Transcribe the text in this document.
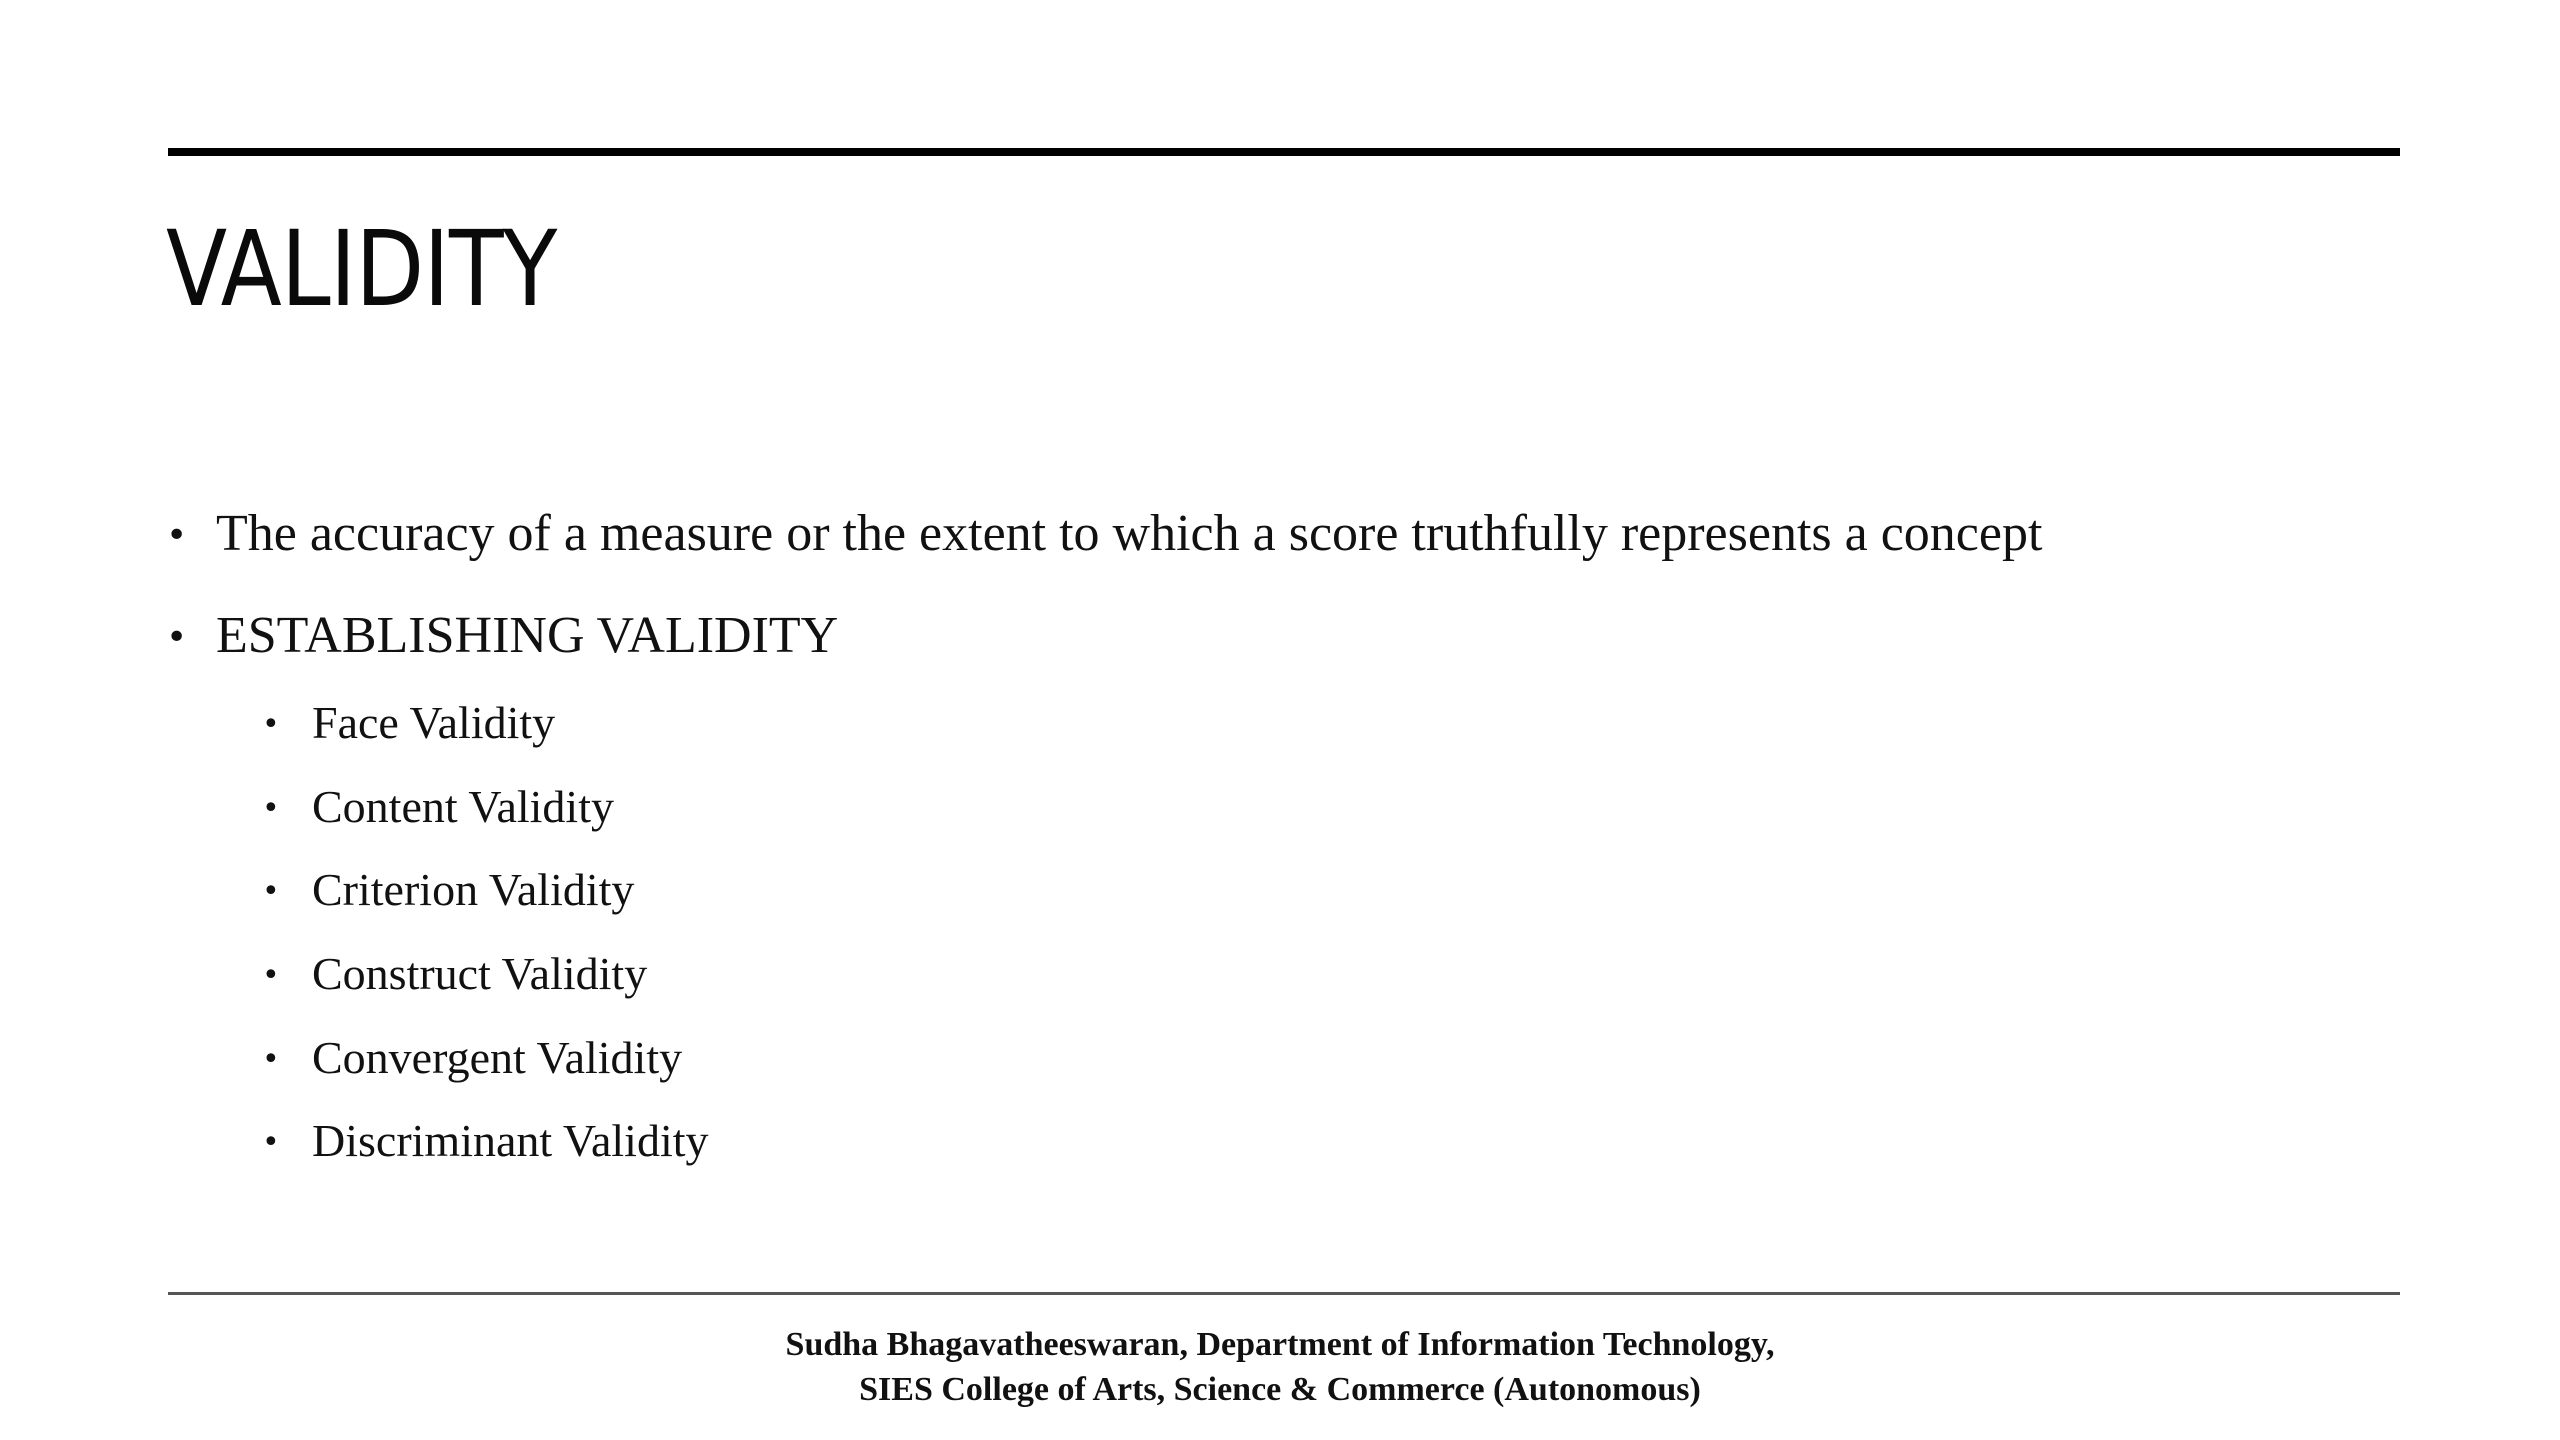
VALIDITY
• The accuracy of a measure or the extent to which a score truthfully represents a concept
• ESTABLISHING VALIDITY
• Face Validity
• Content Validity
• Criterion Validity
• Construct Validity
• Convergent Validity
• Discriminant Validity
Sudha Bhagavatheeswaran, Department of Information Technology,
SIES College of Arts, Science & Commerce (Autonomous)
